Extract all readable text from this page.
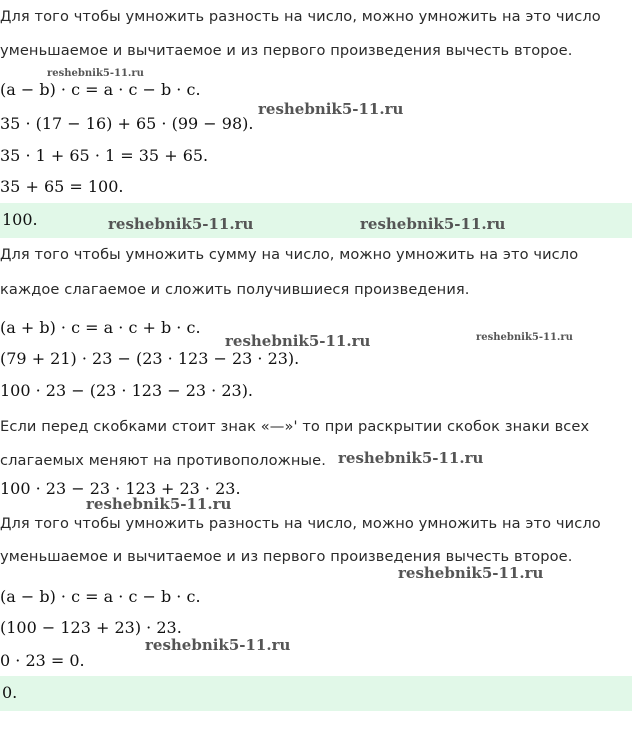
Для того чтобы умножить разность на число, можно умножить на это число
уменьшаемое и вычитаемое и из первого произведения вычесть второе.
reshebnik5-11.ru
(a − b) · c = a · c − b · c.
reshebnik5-11.ru
35 · (17 − 16) + 65 · (99 − 98).
35 · 1 + 65 · 1 = 35 + 65.
35 + 65 = 100.
100.	reshebnik5-11.ru	reshebnik5-11.ru
Для того чтобы умножить сумму на число, можно умножить на это число
каждое слагаемое и сложить получившиеся произведения.
(a + b) · c = a · c + b · c.
reshebnik5-11.ru	reshebnik5-11.ru
(79 + 21) · 23 − (23 · 123 − 23 · 23).
100 · 23 − (23 · 123 − 23 · 23).
Если перед скобками стоит знак «—»' то при раскрытии скобок знаки всех
слагаемых меняют на противоположные. reshebnik5-11.ru
100 · 23 − 23 · 123 + 23 · 23.
reshebnik5-11.ru
Для того чтобы умножить разность на число, можно умножить на это число
уменьшаемое и вычитаемое и из первого произведения вычесть второе.
reshebnik5-11.ru
(a − b) · c = a · c − b · c.
(100 − 123 + 23) · 23.
reshebnik5-11.ru
0 · 23 = 0.
0.
